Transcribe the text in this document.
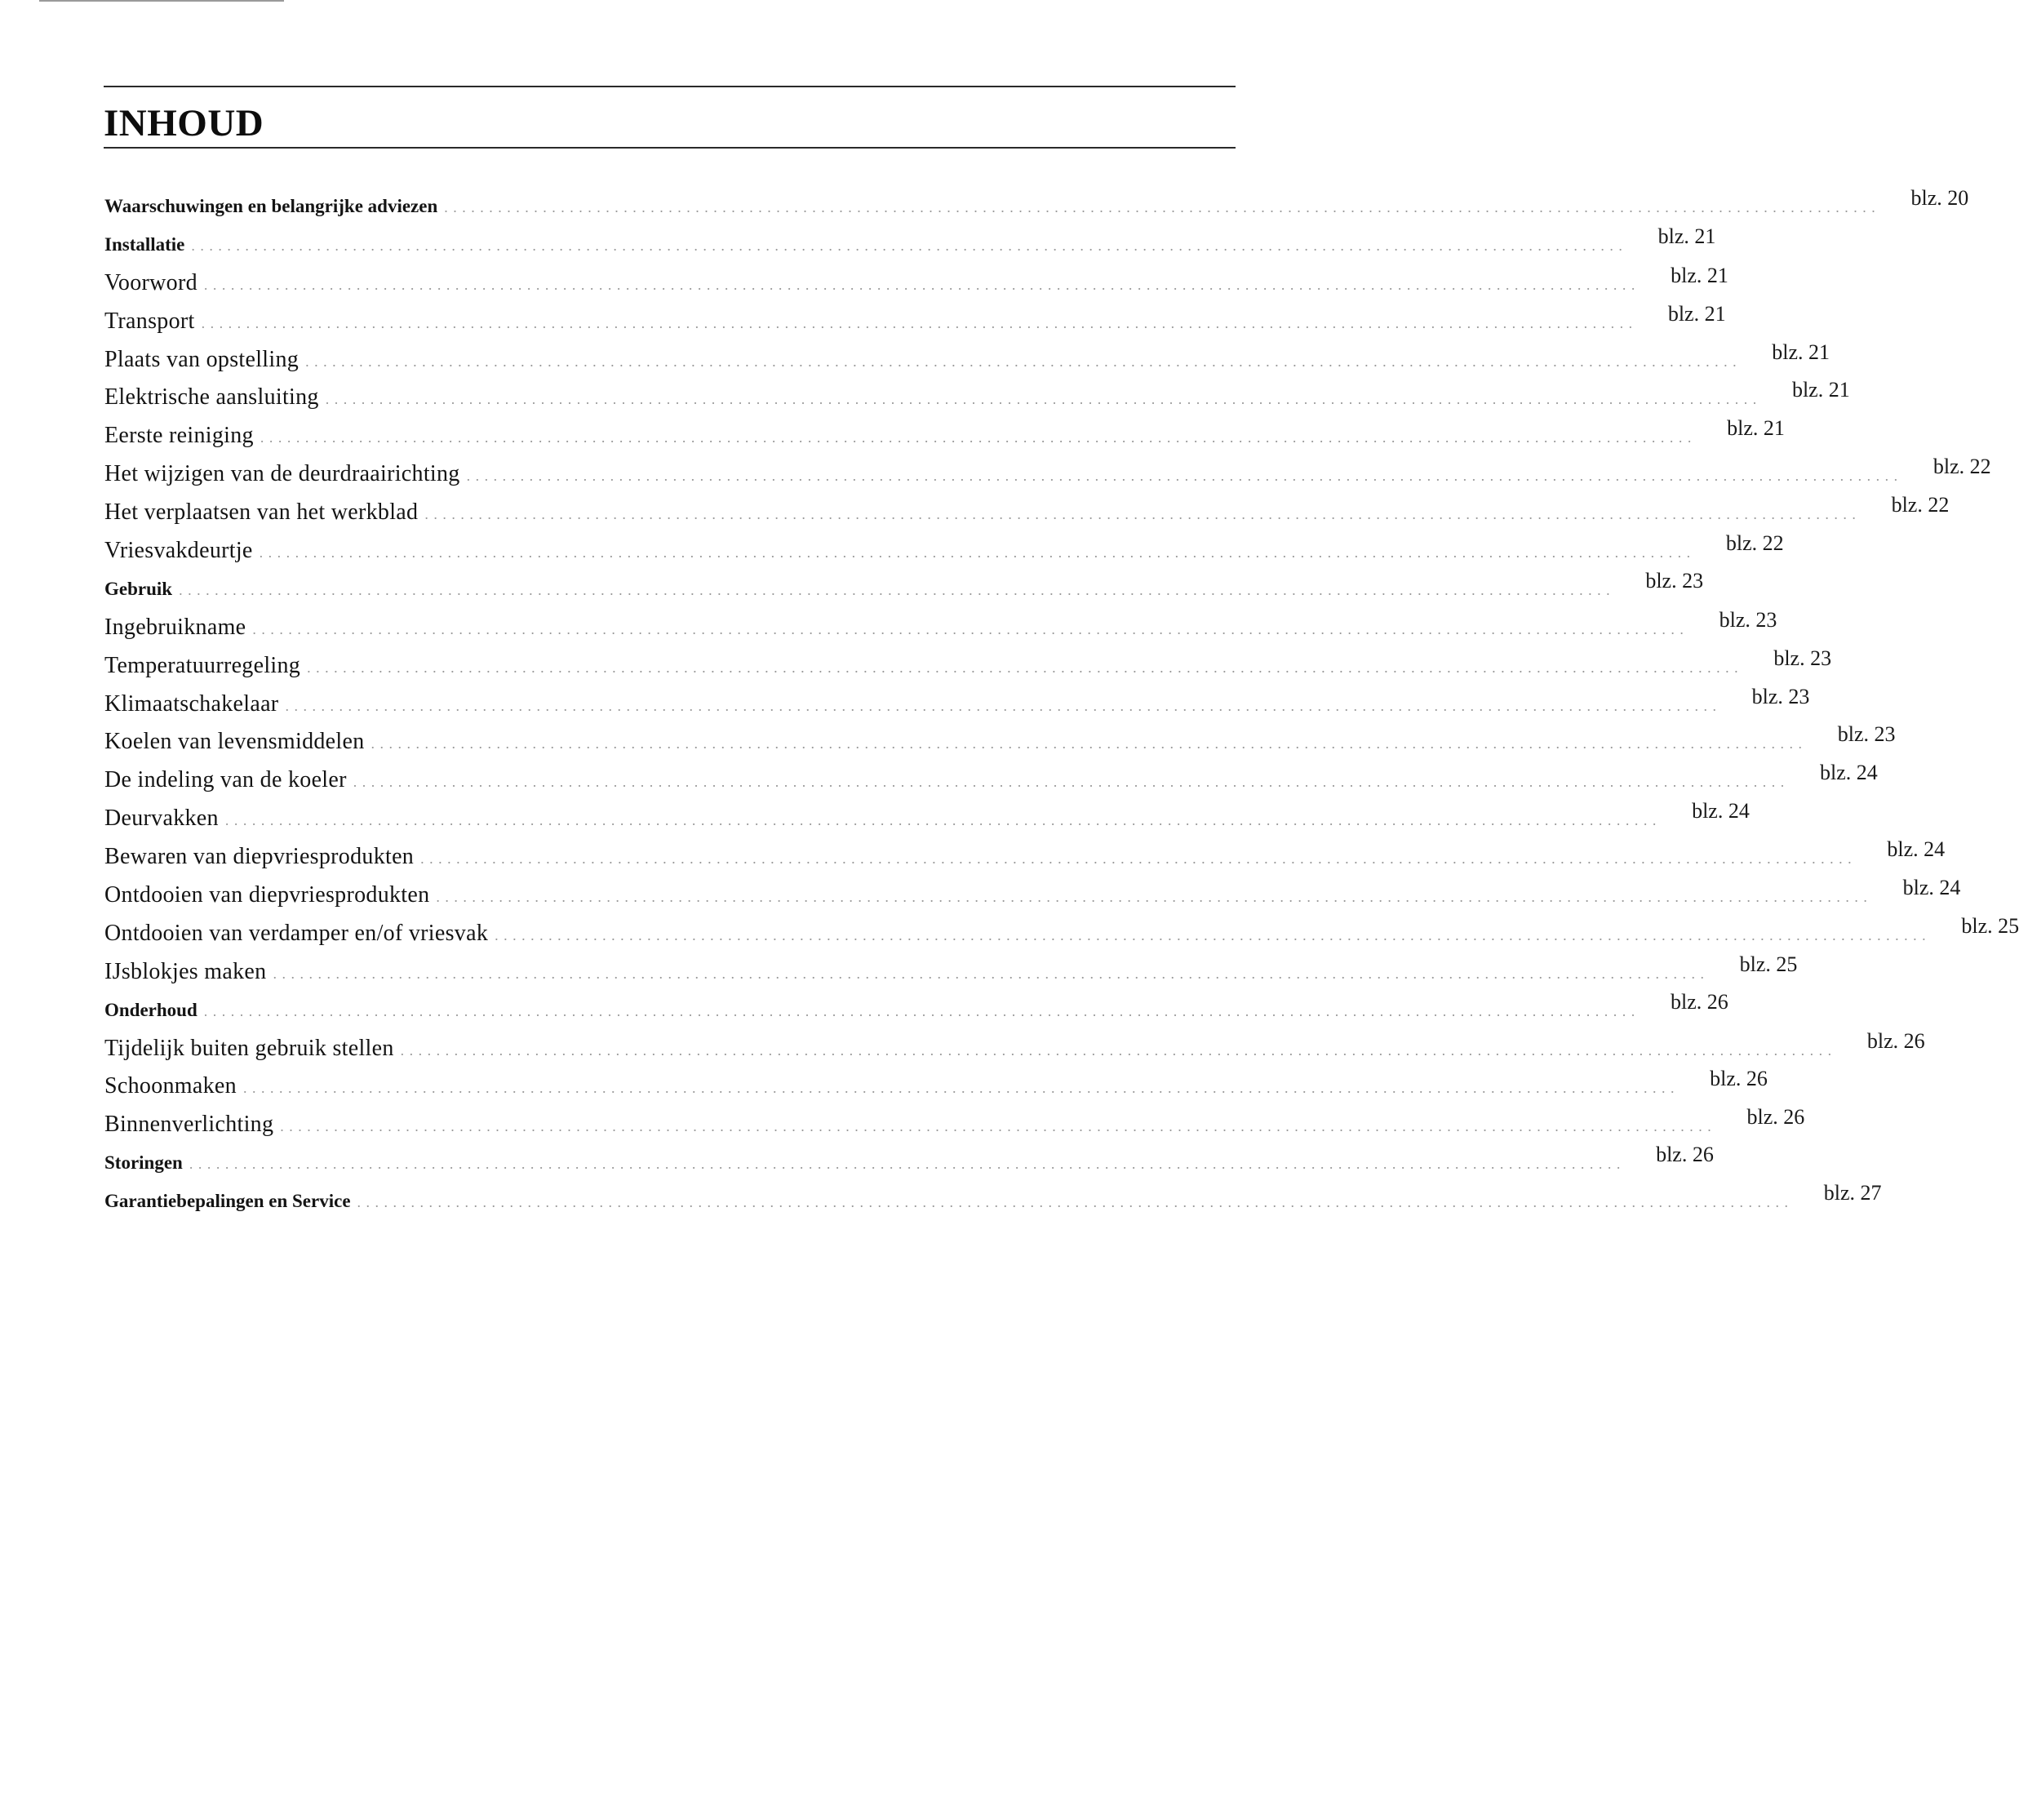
INHOUD
Waarschuwingen en belangrijke adviezen ................................................................................................................................................................	blz. 20
Installatie ................................................................................................................................................................	blz. 21
Voorword ................................................................................................................................................................	blz. 21
Transport ................................................................................................................................................................	blz. 21
Plaats van opstelling ................................................................................................................................................................	blz. 21
Elektrische aansluiting ................................................................................................................................................................	blz. 21
Eerste reiniging ................................................................................................................................................................	blz. 21
Het wijzigen van de deurdraairichting ................................................................................................................................................................	blz. 22
Het verplaatsen van het werkblad ................................................................................................................................................................	blz. 22
Vriesvakdeurtje ................................................................................................................................................................	blz. 22
Gebruik ................................................................................................................................................................	blz. 23
Ingebruikname ................................................................................................................................................................	blz. 23
Temperatuurregeling ................................................................................................................................................................	blz. 23
Klimaatschakelaar ................................................................................................................................................................	blz. 23
Koelen van levensmiddelen ................................................................................................................................................................	blz. 23
De indeling van de koeler ................................................................................................................................................................	blz. 24
Deurvakken ................................................................................................................................................................	blz. 24
Bewaren van diepvriesprodukten ................................................................................................................................................................	blz. 24
Ontdooien van diepvriesprodukten ................................................................................................................................................................	blz. 24
Ontdooien van verdamper en/of vriesvak ................................................................................................................................................................	blz. 25
IJsblokjes maken ................................................................................................................................................................	blz. 25
Onderhoud ................................................................................................................................................................	blz. 26
Tijdelijk buiten gebruik stellen ................................................................................................................................................................	blz. 26
Schoonmaken ................................................................................................................................................................	blz. 26
Binnenverlichting ................................................................................................................................................................	blz. 26
Storingen ................................................................................................................................................................	blz. 26
Garantiebepalingen en Service ................................................................................................................................................................	blz. 27
